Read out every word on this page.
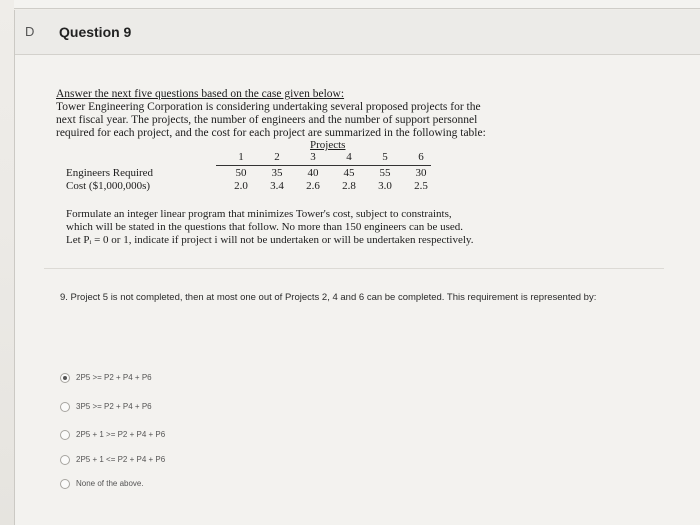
D	Question 9
Answer the next five questions based on the case given below:
Tower Engineering Corporation is considering undertaking several proposed projects for the
next fiscal year. The projects, the number of engineers and the number of support personnel
required for each project, and the cost for each project are summarized in the following table:
Projects
1	2	3	4	5	6
Engineers Required	50	35	40	45	55	30
Cost ($1,000,000s)	2.0	3.4	2.6	2.8	3.0	2.5
Formulate an integer linear program that minimizes Tower's cost, subject to constraints,
which will be stated in the questions that follow. No more than 150 engineers can be used.
Let Pᵢ = 0 or 1, indicate if project i will not be undertaken or will be undertaken respectively.
9. Project 5 is not completed, then at most one out of Projects 2, 4 and 6 can be completed. This requirement is represented by:
2P5 >= P2 + P4 + P6
3P5 >= P2 + P4 + P6
2P5 + 1 >= P2 + P4 + P6
2P5 + 1 <= P2 + P4 + P6
None of the above.
